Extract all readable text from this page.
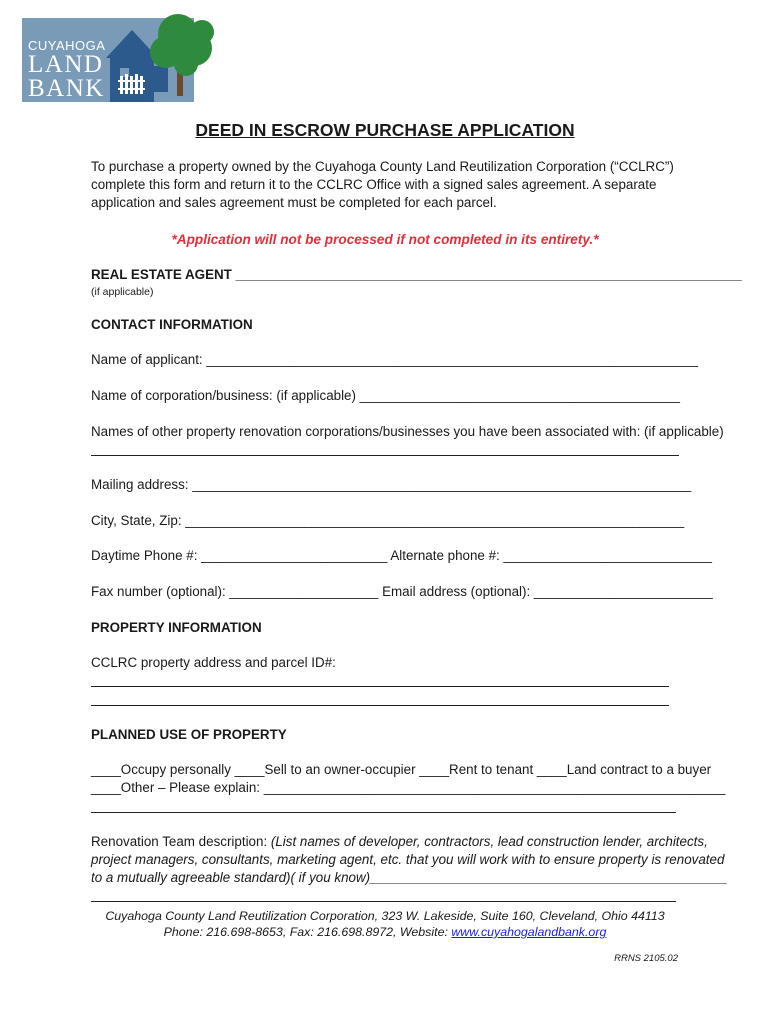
CUYAHOGA
LAND
BANK
DEED IN ESCROW PURCHASE APPLICATION
To purchase a property owned by the Cuyahoga County Land Reutilization Corporation (“CCLRC”)
complete this form and return it to the CCLRC Office with a signed sales agreement. A separate
application and sales agreement must be completed for each parcel.
*Application will not be processed if not completed in its entirety.*
REAL ESTATE AGENT ____________________________________________________________________
(if applicable)
CONTACT INFORMATION
Name of applicant: __________________________________________________________________
Name of corporation/business: (if applicable) ___________________________________________
Names of other property renovation corporations/businesses you have been associated with: (if applicable)
Mailing address: ___________________________________________________________________
City, State, Zip: ___________________________________________________________________
Daytime Phone #: _________________________ Alternate phone #: ____________________________
Fax number (optional): ____________________ Email address (optional): ________________________
PROPERTY INFORMATION
CCLRC property address and parcel ID#:
PLANNED USE OF PROPERTY
____Occupy personally ____Sell to an owner-occupier ____Rent to tenant ____Land contract to a buyer
____Other – Please explain: ______________________________________________________________
Renovation Team description: (List names of developer, contractors, lead construction lender, architects,
project managers, consultants, marketing agent, etc. that you will work with to ensure property is renovated
to a mutually agreeable standard)( if you know)________________________________________________
Cuyahoga County Land Reutilization Corporation, 323 W. Lakeside, Suite 160, Cleveland, Ohio 44113
Phone: 216.698-8653, Fax: 216.698.8972, Website: www.cuyahogalandbank.org
RRNS 2105.02
